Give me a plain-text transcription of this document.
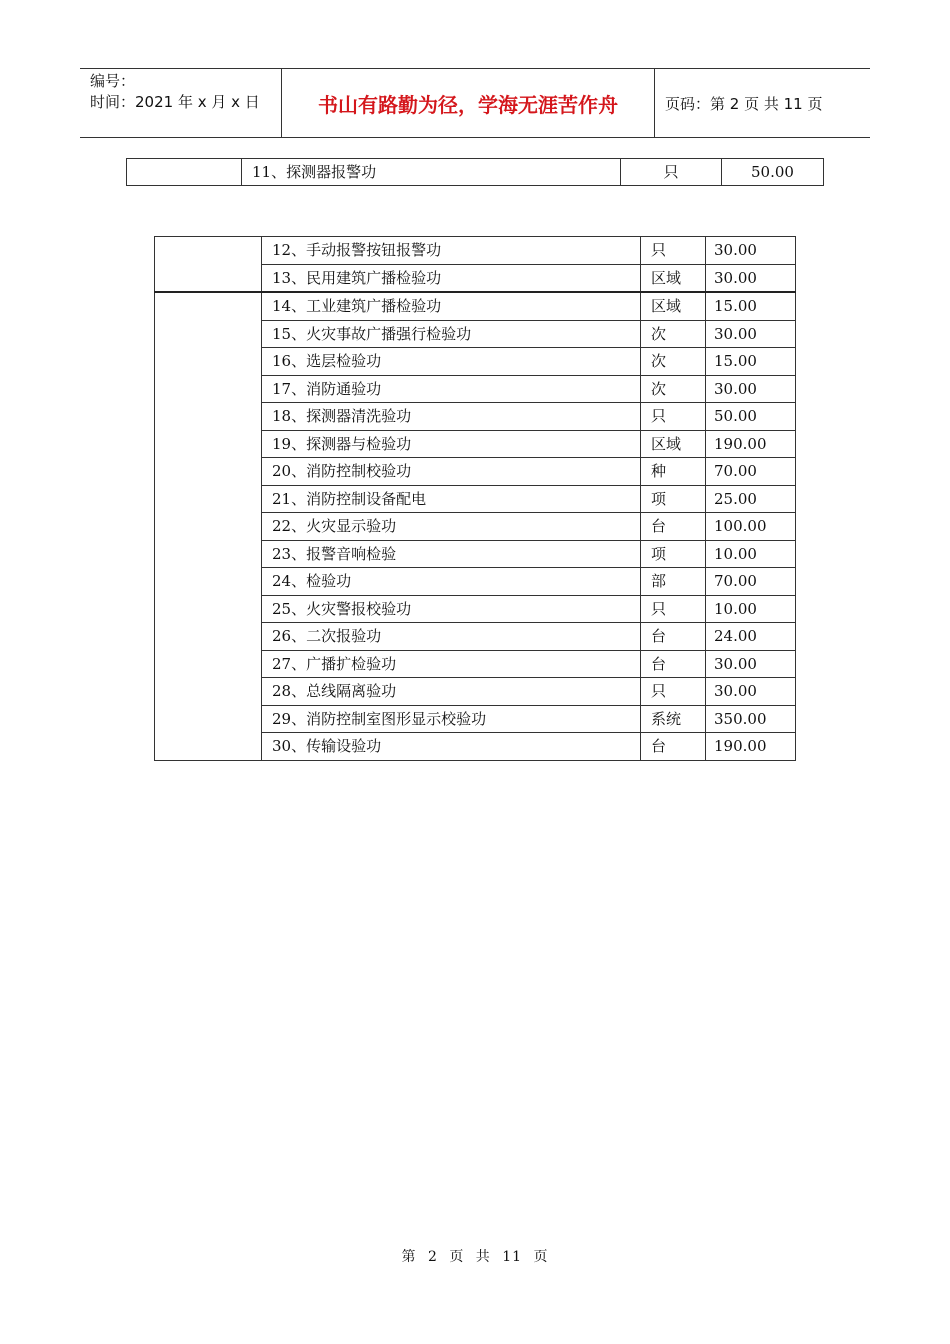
编号：
时间：2021 年 x 月 x 日	书山有路勤为径，学海无涯苦作舟	页码：第 2 页 共 11 页
	11、探测器报警功	只	50.00
	12、手动报警按钮报警功	只	30.00
	13、民用建筑广播检验功	区域	30.00
	14、工业建筑广播检验功	区域	15.00
	15、火灾事故广播强行检验功	次	30.00
	16、选层检验功	次	15.00
	17、消防通验功	次	30.00
	18、探测器清洗验功	只	50.00
	19、探测器与检验功	区域	190.00
	20、消防控制校验功	种	70.00
	21、消防控制设备配电	项	25.00
	22、火灾显示验功	台	100.00
	23、报警音响检验	项	10.00
	24、检验功	部	70.00
	25、火灾警报校验功	只	10.00
	26、二次报验功	台	24.00
	27、广播扩检验功	台	30.00
	28、总线隔离验功	只	30.00
	29、消防控制室图形显示校验功	系统	350.00
	30、传输设验功	台	190.00
第 2 页 共 11 页
